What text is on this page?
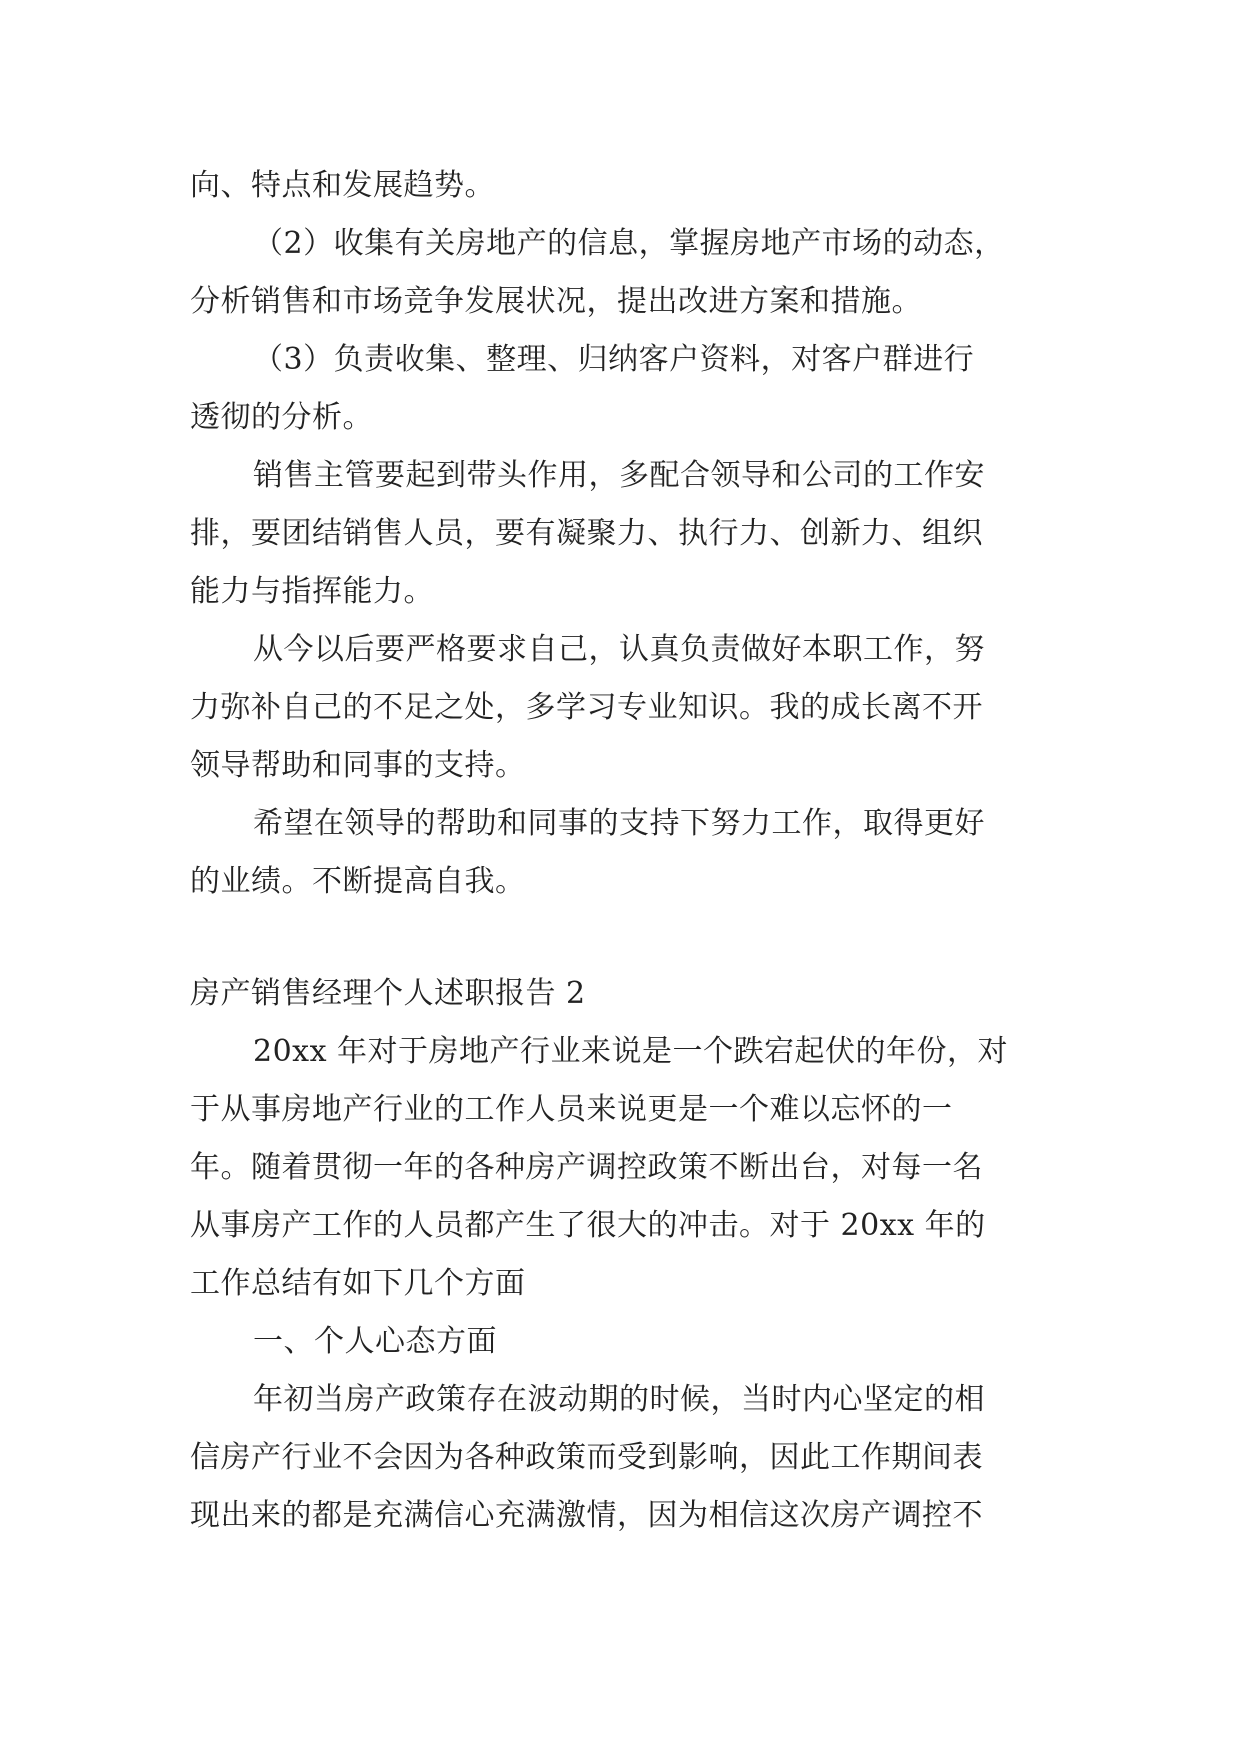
向、特点和发展趋势。
（2）收集有关房地产的信息，掌握房地产市场的动态，
分析销售和市场竞争发展状况，提出改进方案和措施。
（3）负责收集、整理、归纳客户资料，对客户群进行
透彻的分析。
销售主管要起到带头作用，多配合领导和公司的工作安
排，要团结销售人员，要有凝聚力、执行力、创新力、组织
能力与指挥能力。
从今以后要严格要求自己，认真负责做好本职工作，努
力弥补自己的不足之处，多学习专业知识。我的成长离不开
领导帮助和同事的支持。
希望在领导的帮助和同事的支持下努力工作，取得更好
的业绩。不断提高自我。
房产销售经理个人述职报告 2
20xx 年对于房地产行业来说是一个跌宕起伏的年份，对
于从事房地产行业的工作人员来说更是一个难以忘怀的一
年。随着贯彻一年的各种房产调控政策不断出台，对每一名
从事房产工作的人员都产生了很大的冲击。对于 20xx 年的
工作总结有如下几个方面
一、个人心态方面
年初当房产政策存在波动期的时候，当时内心坚定的相
信房产行业不会因为各种政策而受到影响，因此工作期间表
现出来的都是充满信心充满激情，因为相信这次房产调控不
